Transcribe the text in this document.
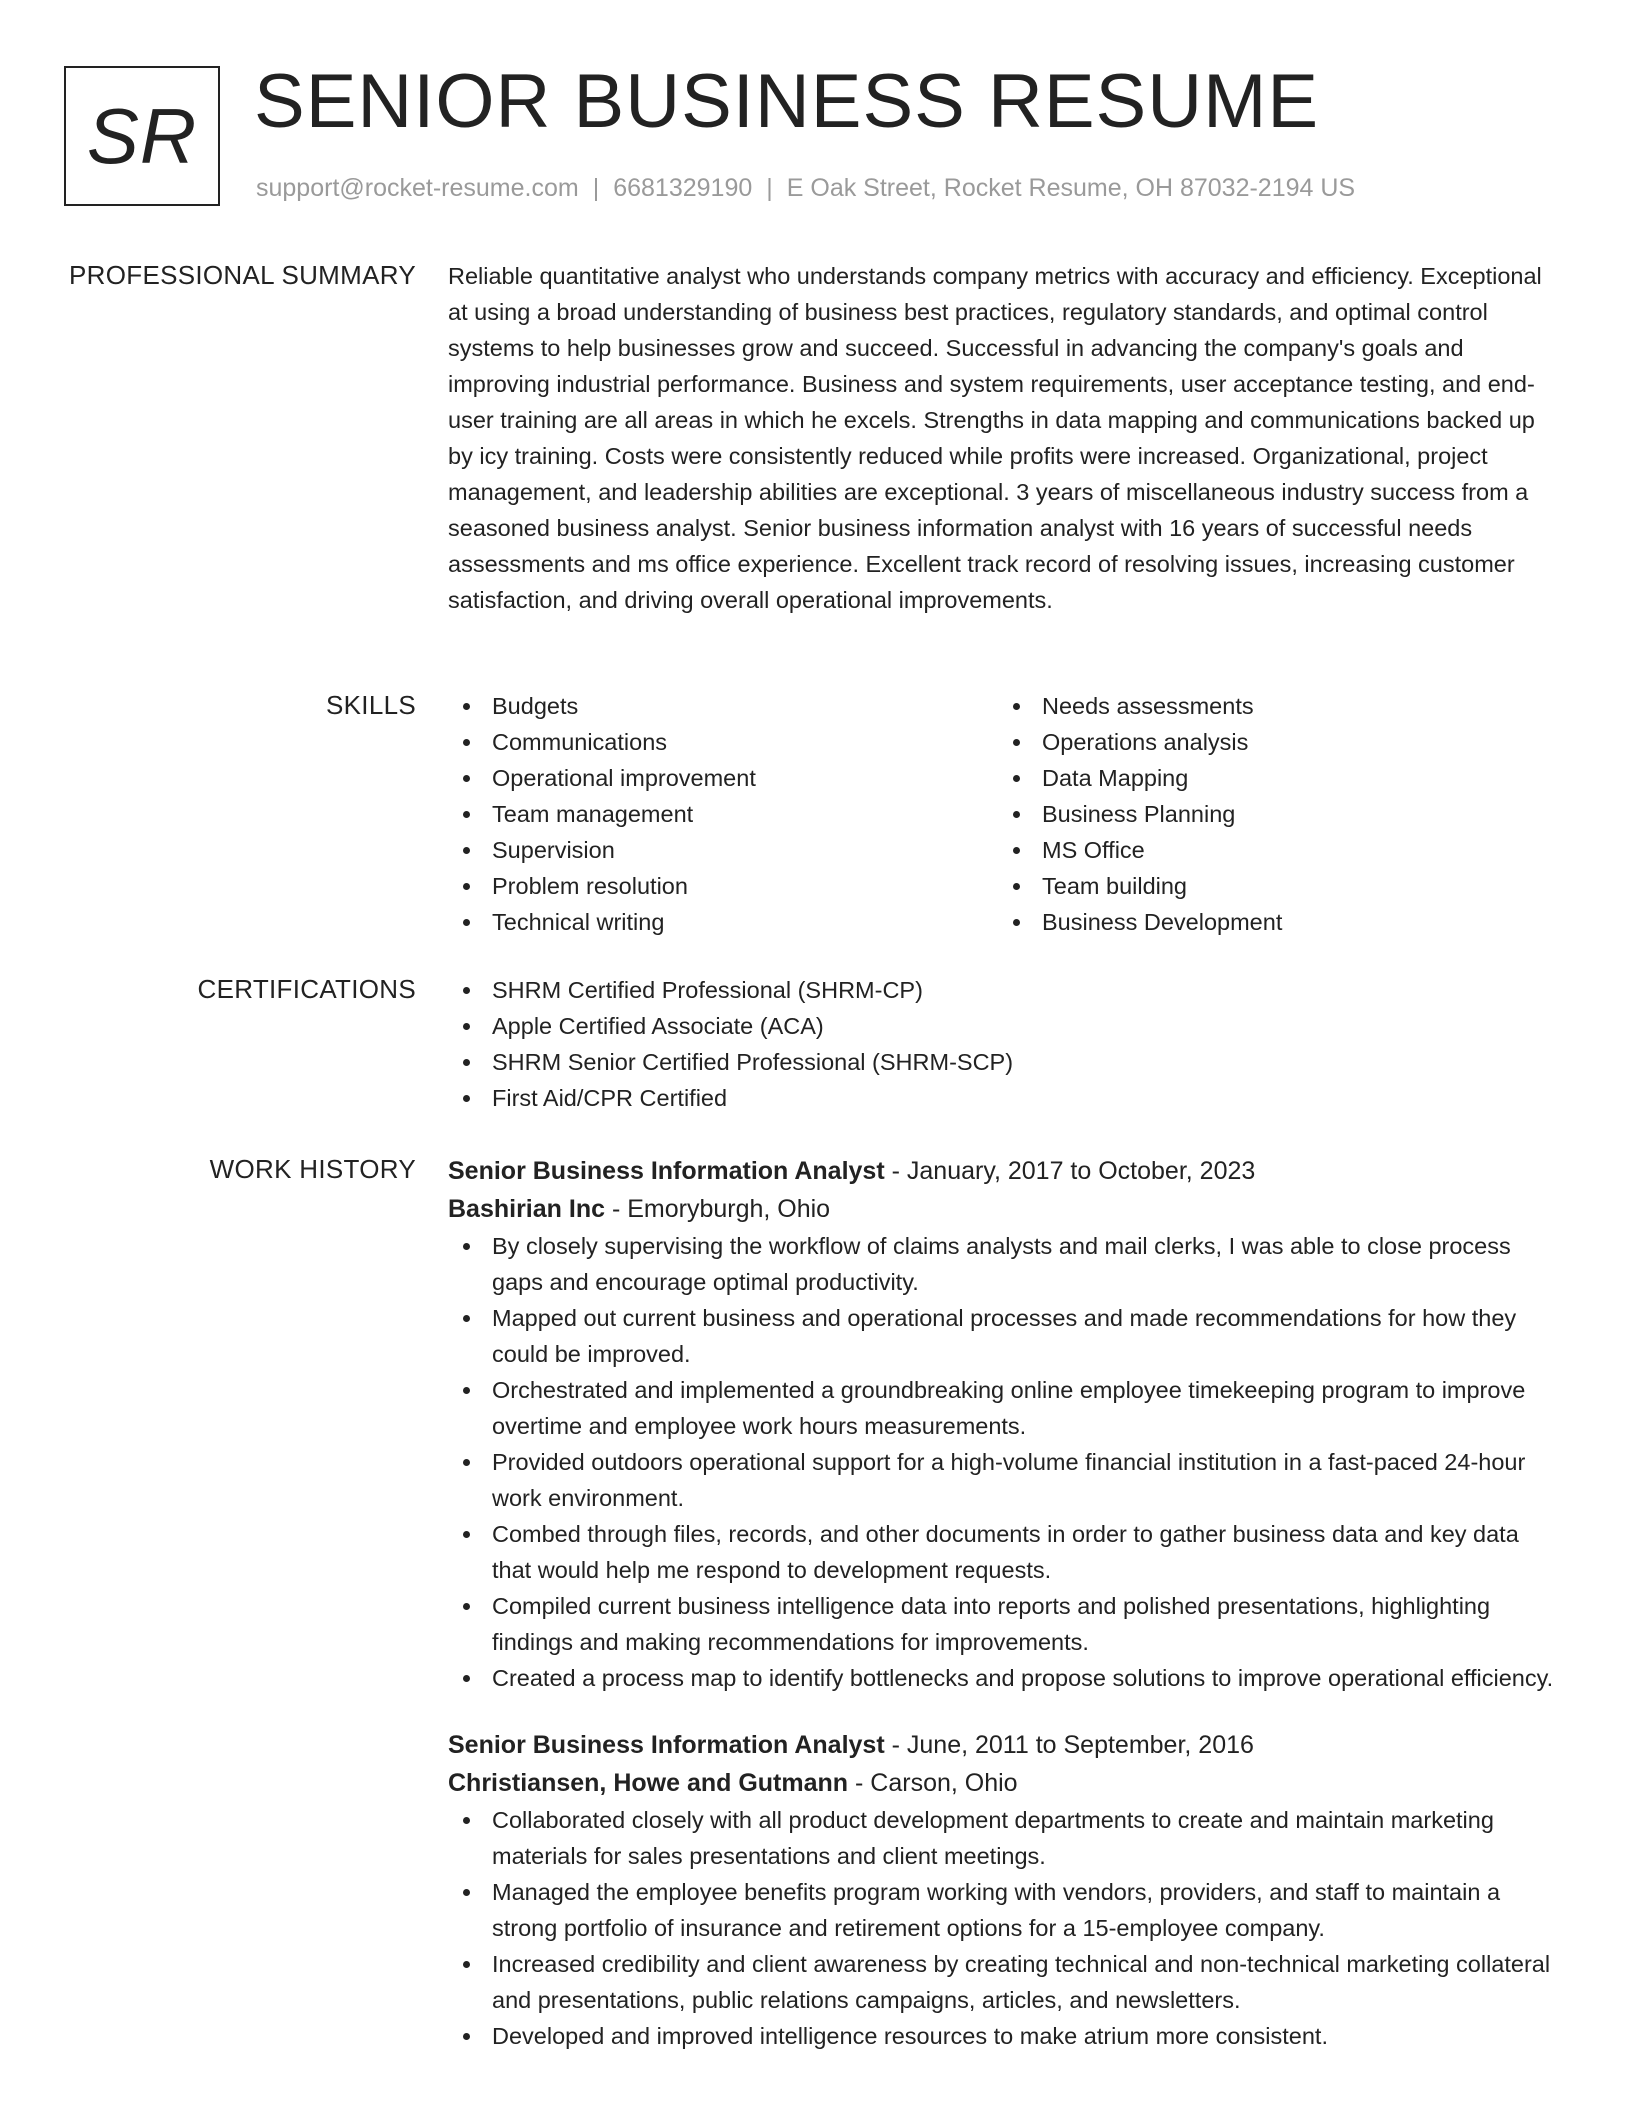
SR SENIOR BUSINESS RESUME
support@rocket-resume.com | 6681329190 | E Oak Street, Rocket Resume, OH 87032-2194 US
PROFESSIONAL SUMMARY Reliable quantitative analyst who understands company metrics with accuracy and efficiency. Exceptional at using a broad understanding of business best practices, regulatory standards, and optimal control systems to help businesses grow and succeed. Successful in advancing the company's goals and improving industrial performance. Business and system requirements, user acceptance testing, and end-user training are all areas in which he excels. Strengths in data mapping and communications backed up by icy training. Costs were consistently reduced while profits were increased. Organizational, project management, and leadership abilities are exceptional. 3 years of miscellaneous industry success from a seasoned business analyst. Senior business information analyst with 16 years of successful needs assessments and ms office experience. Excellent track record of resolving issues, increasing customer satisfaction, and driving overall operational improvements.
SKILLS	Budgets
Communications
Operational improvement
Team management
Supervision
Problem resolution
Technical writing
Needs assessments
Operations analysis
Data Mapping
Business Planning
MS Office
Team building
Business Development
CERTIFICATIONS	SHRM Certified Professional (SHRM-CP)
Apple Certified Associate (ACA)
SHRM Senior Certified Professional (SHRM-SCP)
First Aid/CPR Certified
WORK HISTORY Senior Business Information Analyst - January, 2017 to October, 2023
Bashirian Inc - Emoryburgh, Ohio
By closely supervising the workflow of claims analysts and mail clerks, I was able to close process gaps and encourage optimal productivity.
Mapped out current business and operational processes and made recommendations for how they could be improved.
Orchestrated and implemented a groundbreaking online employee timekeeping program to improve overtime and employee work hours measurements.
Provided outdoors operational support for a high-volume financial institution in a fast-paced 24-hour work environment.
Combed through files, records, and other documents in order to gather business data and key data that would help me respond to development requests.
Compiled current business intelligence data into reports and polished presentations, highlighting findings and making recommendations for improvements.
Created a process map to identify bottlenecks and propose solutions to improve operational efficiency.
Senior Business Information Analyst - June, 2011 to September, 2016
Christiansen, Howe and Gutmann - Carson, Ohio
Collaborated closely with all product development departments to create and maintain marketing materials for sales presentations and client meetings.
Managed the employee benefits program working with vendors, providers, and staff to maintain a strong portfolio of insurance and retirement options for a 15-employee company.
Increased credibility and client awareness by creating technical and non-technical marketing collateral and presentations, public relations campaigns, articles, and newsletters.
Developed and improved intelligence resources to make atrium more consistent.
